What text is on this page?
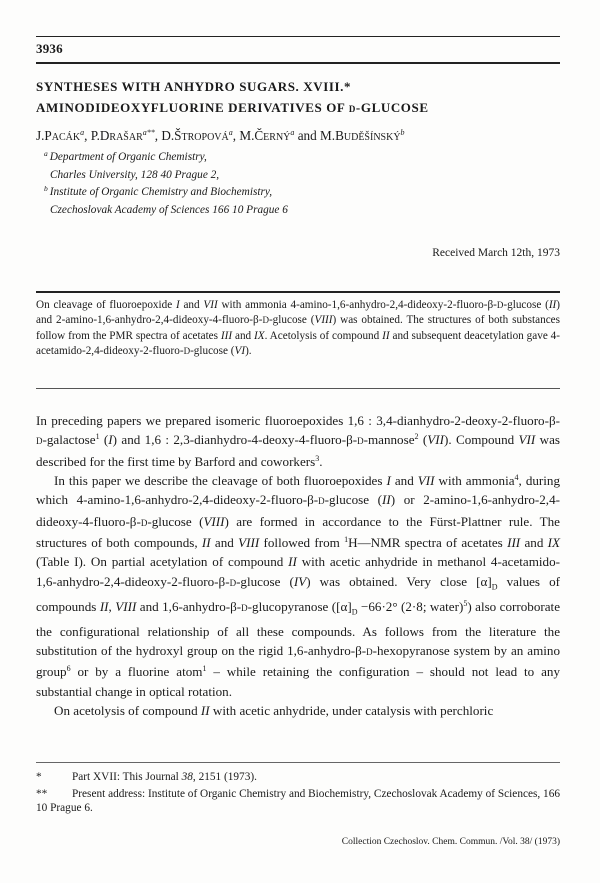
3936
SYNTHESES WITH ANHYDRO SUGARS. XVIII.*
AMINODIDEOXYFLUORINE DERIVATIVES OF D-GLUCOSE
J.PACÁK$^a$, $P.DRAŠAR^{a**}$, D.ŠTROPOVÁ$^a$, M.ČERNÝ$^a$ and M.BUDĚŠÍNSKÝ$^b$
$^a$ Department of Organic Chemistry,
Charles University, 128 40 Prague 2,
$^b$ Institute of Organic Chemistry and Biochemistry,
Czechoslovak Academy of Sciences 166 10 Prague 6
Received March 12th, 1973
On cleavage of fluoroepoxide I and VII with ammonia 4-amino-1,6-anhydro-2,4-dideoxy-2-fluoro-β-D-glucose (II) and 2-amino-1,6-anhydro-2,4-dideoxy-4-fluoro-β-D-glucose (VIII) was obtained. The structures of both substances follow from the PMR spectra of acetates III and IX. Acetolysis of compound II and subsequent deacetylation gave 4-acetamido-2,4-dideoxy-2-fluoro-D-glucose (VI).

In preceding papers we prepared isomeric fluoroepoxides 1,6 : 3,4-dianhydro-2-deoxy-2-fluoro-β-D-galactose$^1$ (I) and 1,6 : 2,3-dianhydro-4-deoxy-4-fluoro-β-D-mannose$^2$ (VII). Compound VII was described for the first time by Barford and coworkers$^3$.

In this paper we describe the cleavage of both fluoroepoxides I and VII with ammonia$^4$, during which 4-amino-1,6-anhydro-2,4-dideoxy-2-fluoro-β-D-glucose (II) or 2-amino-1,6-anhydro-2,4-dideoxy-4-fluoro-β-D-glucose (VIII) are formed in accordance to the Fürst-Plattner rule. The structures of both compounds, II and VIII followed from $^1$H—NMR spectra of acetates III and IX (Table I). On partial acetylation of compound II with acetic anhydride in methanol 4-acetamido-1,6-anhydro-2,4-dideoxy-2-fluoro-β-D-glucose (IV) was obtained. Very close $[\alpha]_D$ values of compounds II, VIII and 1,6-anhydro-β-D-glucopyranose ($[\alpha]_D -66\cdot 2^\circ$ (2·8; water)$^5$) also corroborate the configurational relationship of all these compounds. As follows from the literature the substitution of the hydroxyl group on the rigid 1,6-anhydro-β-D-hexopyranose system by an amino group$^6$ or by a fluorine atom$^1$ – while retaining the configuration – should not lead to any substantial change in optical rotation.

On acetolysis of compound II with acetic anhydride, under catalysis with perchloric

*	Part XVII: This Journal 38, 2151 (1973).
** Present address: Institute of Organic Chemistry and Biochemistry, Czechoslovak Academy of Sciences, 166 10 Prague 6.
Collection Czechoslov. Chem. Commun. /Vol. 38/ (1973)
